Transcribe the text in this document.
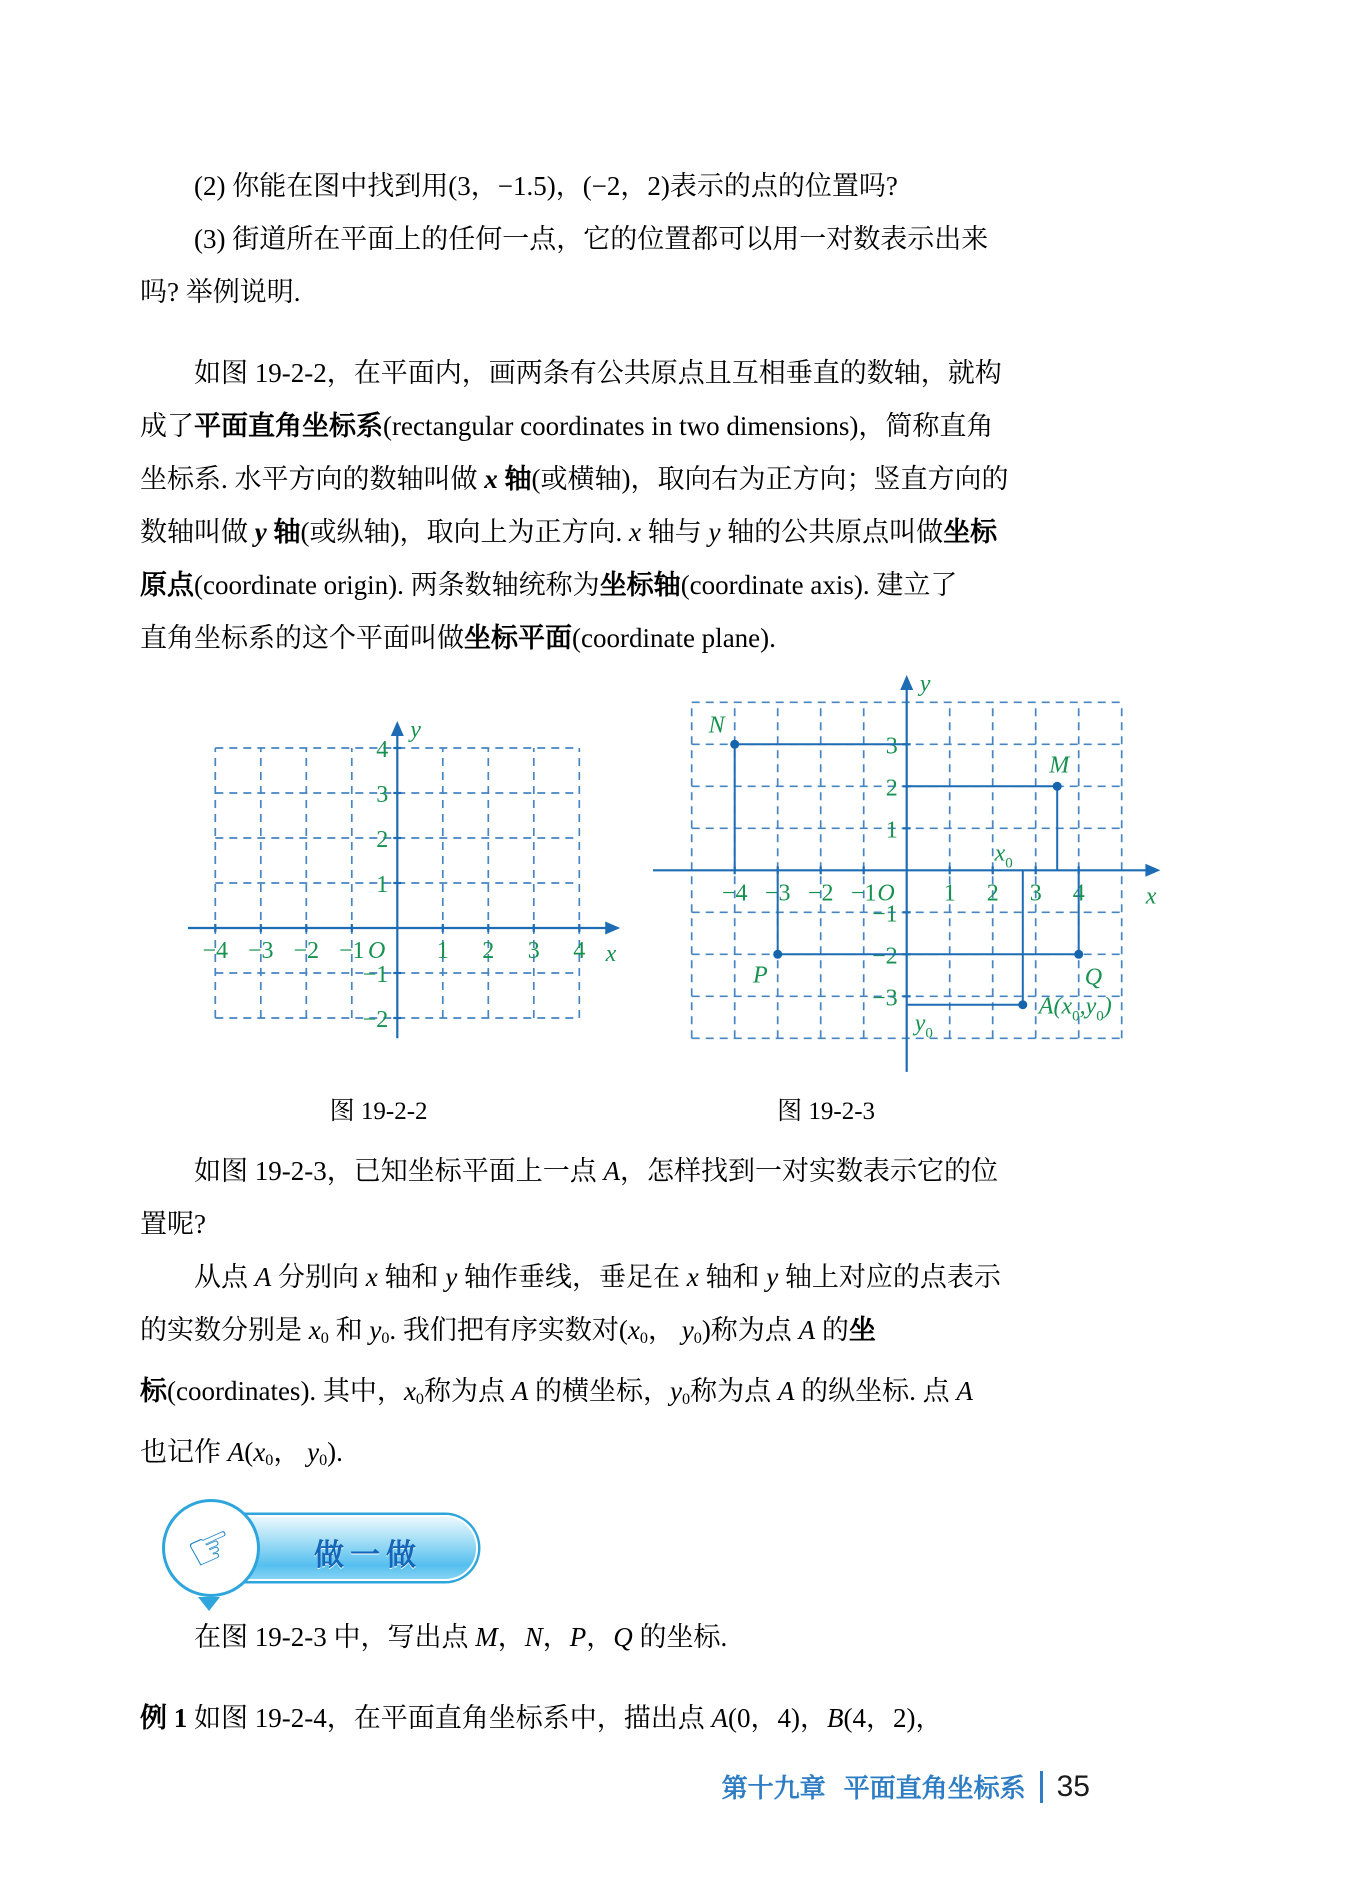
(2) 你能在图中找到用(3，−1.5)，(−2，2)表示的点的位置吗?
(3) 街道所在平面上的任何一点，它的位置都可以用一对数表示出来
吗? 举例说明.
如图 19-2-2，在平面内，画两条有公共原点且互相垂直的数轴，就构
成了平面直角坐标系(rectangular coordinates in two dimensions)，简称直角
坐标系. 水平方向的数轴叫做 x 轴(或横轴)，取向右为正方向；竖直方向的
数轴叫做 y 轴(或纵轴)，取向上为正方向. x 轴与 y 轴的公共原点叫做坐标
原点(coordinate origin). 两条数轴统称为坐标轴(coordinate axis). 建立了
直角坐标系的这个平面叫做坐标平面(coordinate plane).
−4 −3 −2 −1	1 2 3 4
4
3
2
1
−1
−2
O	x
y
−4 −3 −2 −1	1 2 3 4
3
2
1
−1
−2
−3
O	x
y
N
M
P	Q
$A(x_0,y_0)$
$x_0$
$y_0$
图 19-2-2	图 19-2-3
如图 19-2-3，已知坐标平面上一点 A，怎样找到一对实数表示它的位
置呢?
从点 A 分别向 x 轴和 y 轴作垂线，垂足在 x 轴和 y 轴上对应的点表示
的实数分别是 $x_0$ 和 $y_0$. 我们把有序实数对($x_0$， $y_0$)称为点 A 的坐
标(coordinates). 其中，$x_0$称为点 A 的横坐标，$y_0$称为点 A 的纵坐标. 点 A
也记作 $A(x_0$， $y_0$).
做一做
☞
在图 19-2-3 中，写出点 M，N，P，Q 的坐标.
例 1 如图 19-2-4，在平面直角坐标系中，描出点 A(0，4)，B(4，2)，
第十九章 平面直角坐标系 35
